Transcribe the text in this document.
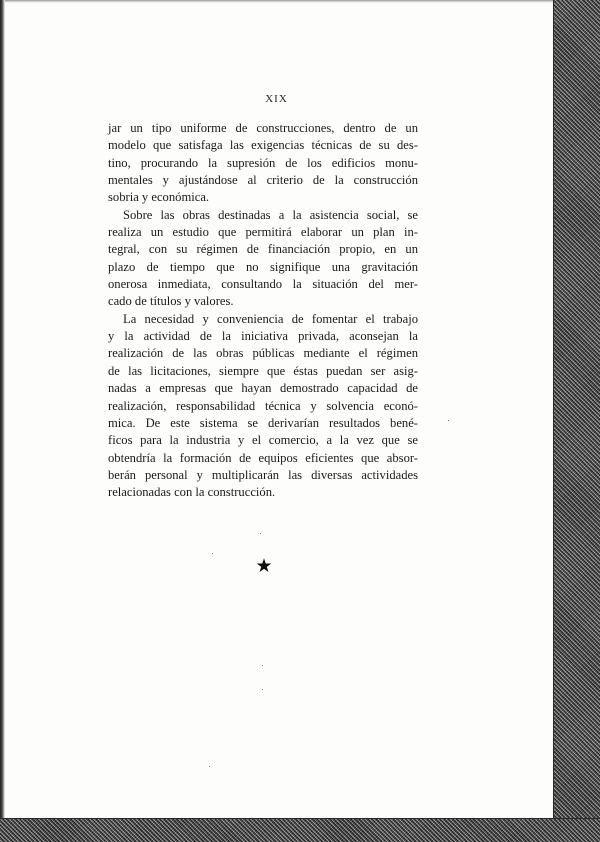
XIX
jar un tipo uniforme de construcciones, dentro de un
modelo que satisfaga las exigencias técnicas de su des-
tino, procurando la supresión de los edificios monu-
mentales y ajustándose al criterio de la construcción
sobria y económica.
Sobre las obras destinadas a la asistencia social, se
realiza un estudio que permitirá elaborar un plan in-
tegral, con su régimen de financiación propio, en un
plazo de tiempo que no signifique una gravitación
onerosa inmediata, consultando la situación del mer-
cado de títulos y valores.
La necesidad y conveniencia de fomentar el trabajo
y la actividad de la iniciativa privada, aconsejan la
realización de las obras públicas mediante el régimen
de las licitaciones, siempre que éstas puedan ser asig-
nadas a empresas que hayan demostrado capacidad de
realización, responsabilidad técnica y solvencia econó-
mica. De este sistema se derivarían resultados bené-
ficos para la industria y el comercio, a la vez que se
obtendría la formación de equipos eficientes que absor-
berán personal y multiplicarán las diversas actividades
relacionadas con la construcción.
★
